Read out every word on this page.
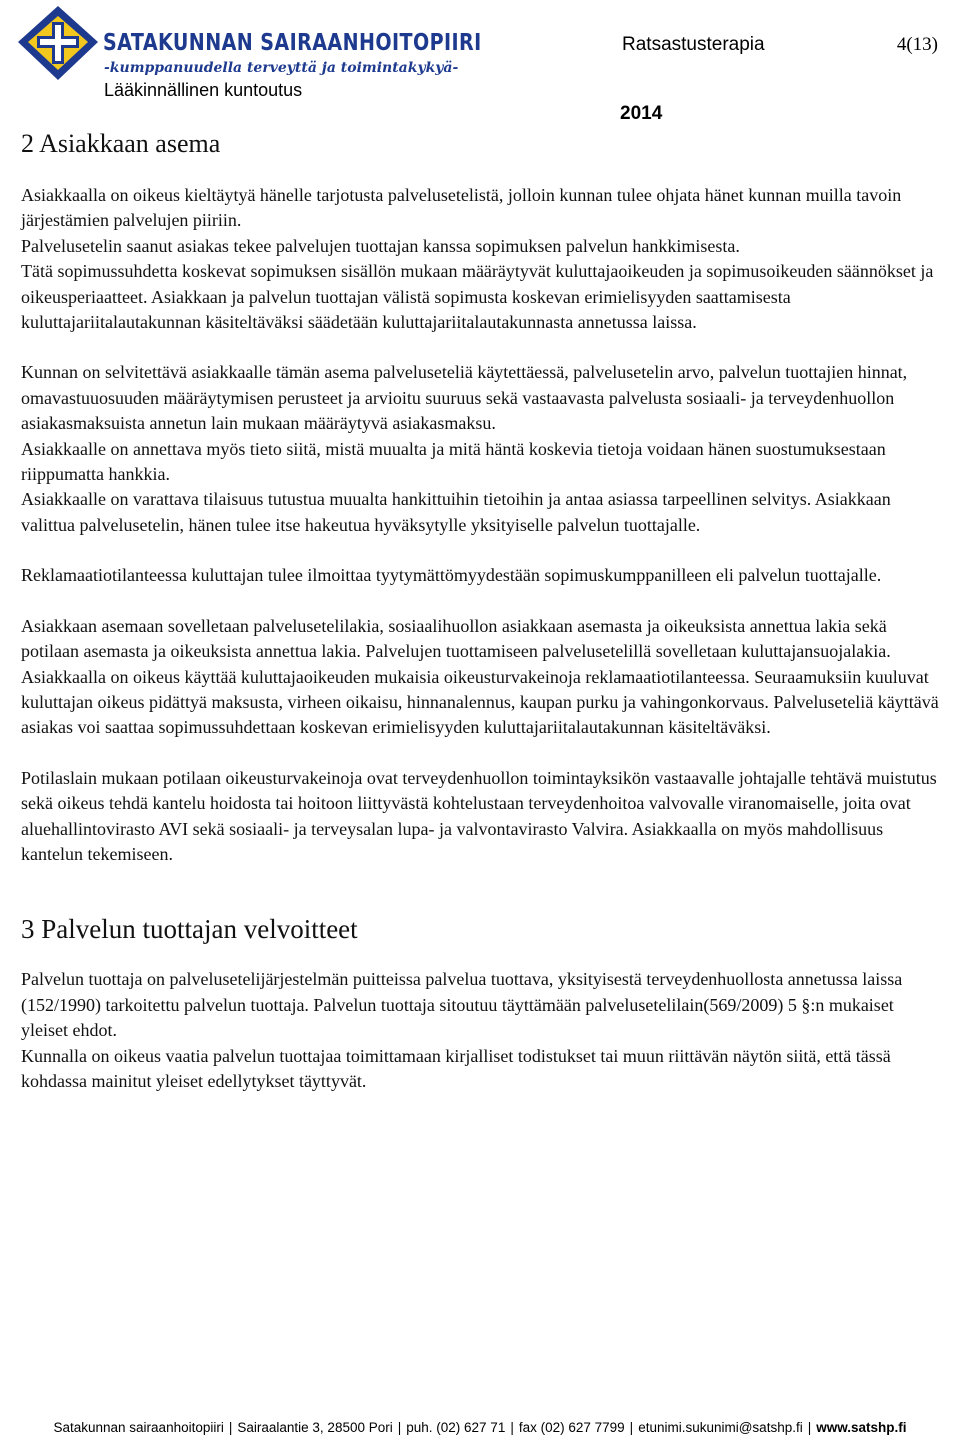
SATAKUNNAN SAIRAANHOITOPIIRI
-kumppanuudella terveyttä ja toimintakykyä-
Lääkinnällinen kuntoutus
Ratsastusterapia	4(13)
2014
2 Asiakkaan asema

Asiakkaalla on oikeus kieltäytyä hänelle tarjotusta palvelusetelistä, jolloin kunnan tulee ohjata hänet kunnan muilla tavoin järjestämien palvelujen piiriin.

Palvelusetelin saanut asiakas tekee palvelujen tuottajan kanssa sopimuksen palvelun hankkimisesta.

Tätä sopimussuhdetta koskevat sopimuksen sisällön mukaan määräytyvät kuluttajaoikeuden ja sopimusoikeuden säännökset ja oikeusperiaatteet. Asiakkaan ja palvelun tuottajan välistä sopimusta koskevan erimielisyyden saattamisesta kuluttajariitalautakunnan käsiteltäväksi säädetään kuluttajariitalautakunnasta annetussa laissa.

Kunnan on selvitettävä asiakkaalle tämän asema palveluseteliä käytettäessä, palvelusetelin arvo, palvelun tuottajien hinnat, omavastuuosuuden määräytymisen perusteet ja arvioitu suuruus sekä vastaavasta palvelusta sosiaali- ja terveydenhuollon asiakasmaksuista annetun lain mukaan määräytyvä asiakasmaksu.

Asiakkaalle on annettava myös tieto siitä, mistä muualta ja mitä häntä koskevia tietoja voidaan hänen suostumuksestaan riippumatta hankkia.

Asiakkaalle on varattava tilaisuus tutustua muualta hankittuihin tietoihin ja antaa asiassa tarpeellinen selvitys. Asiakkaan valittua palvelusetelin, hänen tulee itse hakeutua hyväksytylle yksityiselle palvelun tuottajalle.

Reklamaatiotilanteessa kuluttajan tulee ilmoittaa tyytymättömyydestään sopimuskumppanilleen eli palvelun tuottajalle.

Asiakkaan asemaan sovelletaan palvelusetelilakia, sosiaalihuollon asiakkaan asemasta ja oikeuksista annettua lakia sekä potilaan asemasta ja oikeuksista annettua lakia. Palvelujen tuottamiseen palvelusetelillä sovelletaan kuluttajansuojalakia. Asiakkaalla on oikeus käyttää kuluttajaoikeuden mukaisia oikeusturvakeinoja reklamaatiotilanteessa. Seuraamuksiin kuuluvat kuluttajan oikeus pidättyä maksusta, virheen oikaisu, hinnanalennus, kaupan purku ja vahingonkorvaus. Palveluseteliä käyttävä asiakas voi saattaa sopimussuhdettaan koskevan erimielisyyden kuluttajariitalautakunnan käsiteltäväksi.

Potilaslain mukaan potilaan oikeusturvakeinoja ovat terveydenhuollon toimintayksikön vastaavalle johtajalle tehtävä muistutus sekä oikeus tehdä kantelu hoidosta tai hoitoon liittyvästä kohtelustaan terveydenhoitoa valvovalle viranomaiselle, joita ovat aluehallintovirasto AVI sekä sosiaali- ja terveysalan lupa- ja valvontavirasto Valvira. Asiakkaalla on myös mahdollisuus kantelun tekemiseen.

3 Palvelun tuottajan velvoitteet

Palvelun tuottaja on palvelusetelijärjestelmän puitteissa palvelua tuottava, yksityisestä terveydenhuollosta annetussa laissa (152/1990) tarkoitettu palvelun tuottaja. Palvelun tuottaja sitoutuu täyttämään palvelusetelilain(569/2009) 5 §:n mukaiset yleiset ehdot.

Kunnalla on oikeus vaatia palvelun tuottajaa toimittamaan kirjalliset todistukset tai muun riittävän näytön siitä, että tässä kohdassa mainitut yleiset edellytykset täyttyvät.

Satakunnan sairaanhoitopiiri | Sairaalantie 3, 28500 Pori | puh. (02) 627 71 | fax (02) 627 7799 | etunimi.sukunimi@satshp.fi | www.satshp.fi
